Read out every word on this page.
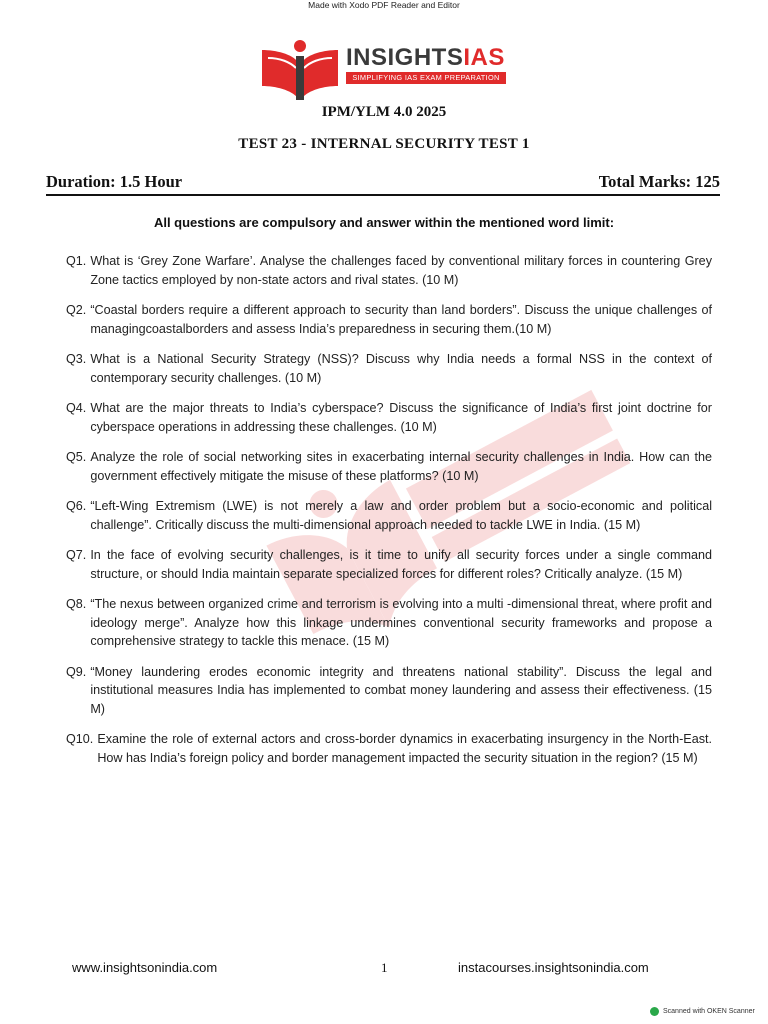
Made with Xodo PDF Reader and Editor
INSIGHTSIAS
SIMPLIFYING IAS EXAM PREPARATION
IPM/YLM 4.0 2025
TEST 23 - INTERNAL SECURITY TEST 1
Duration: 1.5 Hour	Total Marks: 125
All questions are compulsory and answer within the mentioned word limit:
Q1. What is ‘Grey Zone Warfare’. Analyse the challenges faced by conventional military forces in countering Grey Zone tactics employed by non-state actors and rival states. (10 M)
Q2. “Coastal borders require a different approach to security than land borders”. Discuss the unique challenges of managingcoastalborders and assess India’s preparedness in securing them.(10 M)
Q3. What is a National Security Strategy (NSS)? Discuss why India needs a formal NSS in the context of contemporary security challenges. (10 M)
Q4. What are the major threats to India’s cyberspace? Discuss the significance of India’s first joint doctrine for cyberspace operations in addressing these challenges. (10 M)
Q5. Analyze the role of social networking sites in exacerbating internal security challenges in India. How can the government effectively mitigate the misuse of these platforms? (10 M)
Q6. “Left-Wing Extremism (LWE) is not merely a law and order problem but a socio-economic and political challenge”. Critically discuss the multi-dimensional approach needed to tackle LWE in India. (15 M)
Q7. In the face of evolving security challenges, is it time to unify all security forces under a single command structure, or should India maintain separate specialized forces for different roles? Critically analyze. (15 M)
Q8. “The nexus between organized crime and terrorism is evolving into a multi -dimensional threat, where profit and ideology merge”. Analyze how this linkage undermines conventional security frameworks and propose a comprehensive strategy to tackle this menace. (15 M)
Q9. “Money laundering erodes economic integrity and threatens national stability”. Discuss the legal and institutional measures India has implemented to combat money laundering and assess their effectiveness. (15 M)
Q10. Examine the role of external actors and cross-border dynamics in exacerbating insurgency in the North-East. How has India’s foreign policy and border management impacted the security situation in the region? (15 M)
www.insightsonindia.com	1	instacourses.insightsonindia.com
Scanned with OKEN Scanner
